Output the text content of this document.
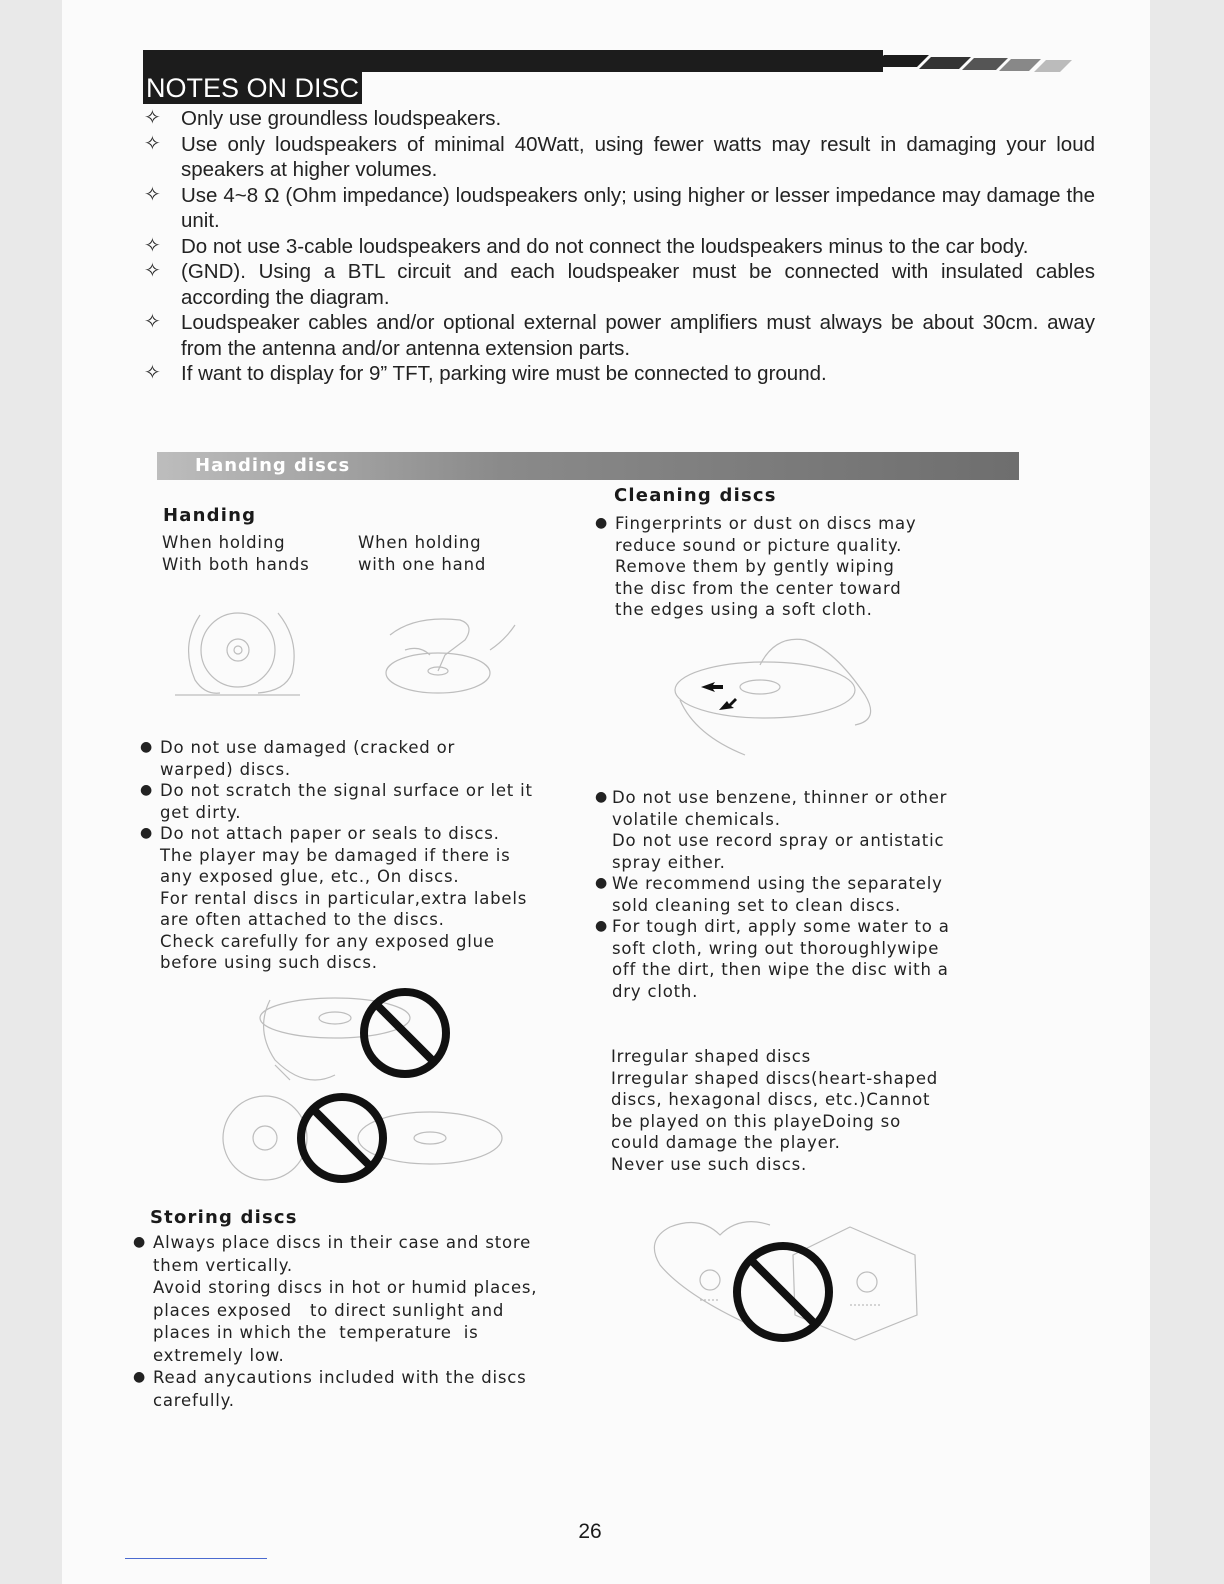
NOTES ON DISC
✧ Only use groundless loudspeakers.
✧ Use only loudspeakers of minimal 40Watt, using fewer watts may result in damaging your loud speakers at higher volumes.
✧ Use 4~8 Ω (Ohm impedance) loudspeakers only; using higher or lesser impedance may damage the unit.
✧ Do not use 3-cable loudspeakers and do not connect the loudspeakers minus to the car body.
✧ (GND). Using a BTL circuit and each loudspeaker must be connected with insulated cables according the diagram.
✧ Loudspeaker cables and/or optional external power amplifiers must always be about 30cm. away from the antenna and/or antenna extension parts.
✧ If want to display for 9” TFT, parking wire must be connected to ground.
Handing discs
Handing
When holding
With both hands
When holding
with one hand
● Do not use damaged (cracked or
warped) discs.
● Do not scratch the signal surface or let it
get dirty.
● Do not attach paper or seals to discs.
The player may be damaged if there is
any exposed glue, etc., On discs.
For rental discs in particular,extra labels
are often attached to the discs.
Check carefully for any exposed glue
before using such discs.
Storing discs
● Always place discs in their case and store
them vertically.
Avoid storing discs in hot or humid places,
places exposed   to direct sunlight and
places in which the  temperature  is
extremely low.
● Read anycautions included with the discs
carefully.
Cleaning discs
● Fingerprints or dust on discs may
reduce sound or picture quality.
Remove them by gently wiping
the disc from the center toward
the edges using a soft cloth.
● Do not use benzene, thinner or other
volatile chemicals.
Do not use record spray or antistatic
spray either.
● We recommend using the separately
sold cleaning set to clean discs.
● For tough dirt, apply some water to a
soft cloth, wring out thoroughlywipe
off the dirt, then wipe the disc with a
dry cloth.
Irregular shaped discs
Irregular shaped discs(heart-shaped
discs, hexagonal discs, etc.)Cannot
be played on this playeDoing so
could damage the player.
Never use such discs.
26
